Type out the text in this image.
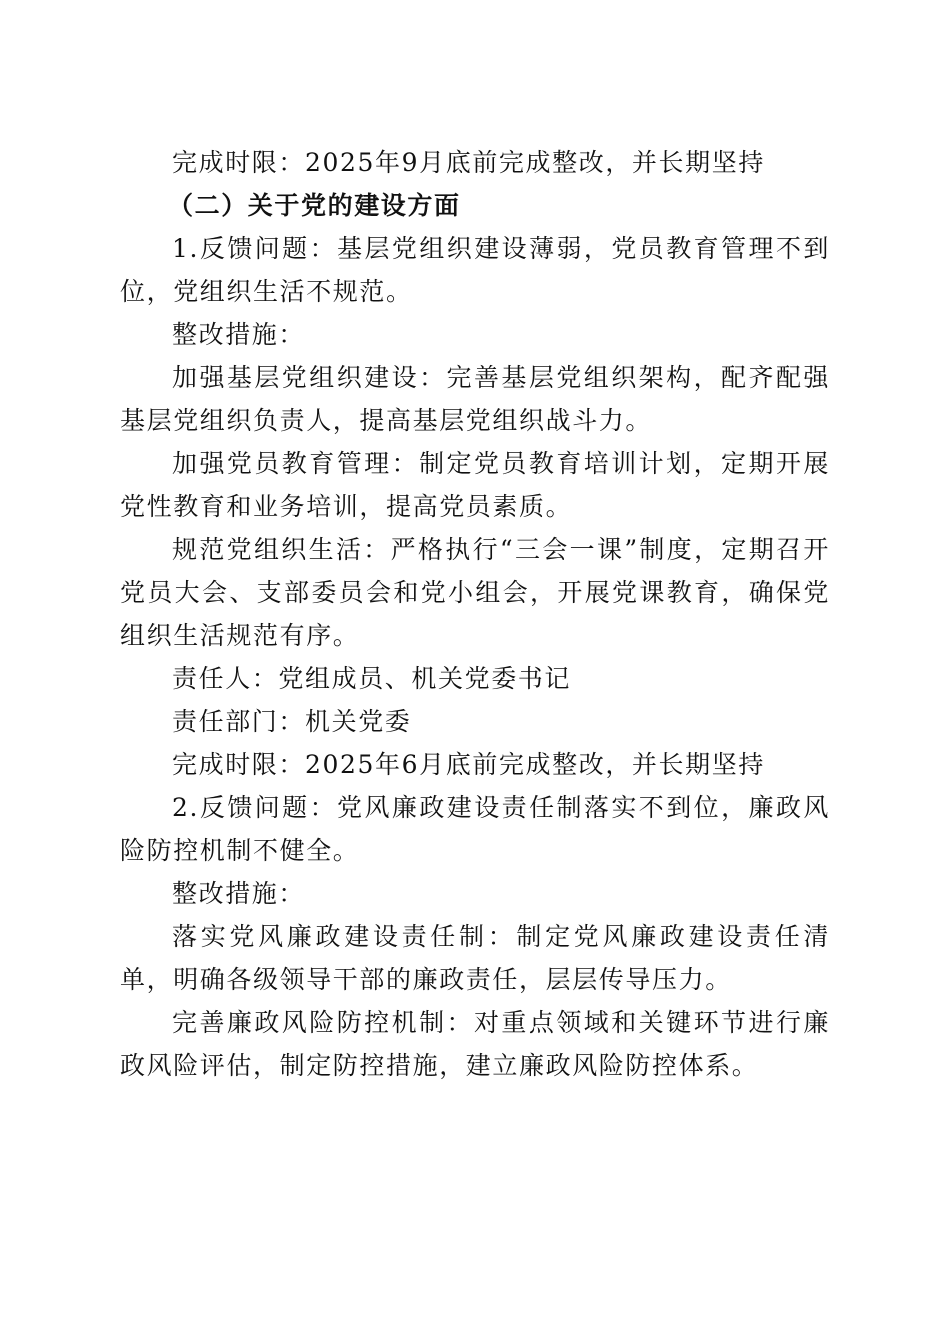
完成时限：2025年9月底前完成整改，并长期坚持

（二）关于党的建设方面

1.反馈问题：基层党组织建设薄弱，党员教育管理不到位，党组织生活不规范。

整改措施：

加强基层党组织建设：完善基层党组织架构，配齐配强基层党组织负责人，提高基层党组织战斗力。

加强党员教育管理：制定党员教育培训计划，定期开展党性教育和业务培训，提高党员素质。

规范党组织生活：严格执行“三会一课”制度，定期召开党员大会、支部委员会和党小组会，开展党课教育，确保党组织生活规范有序。

责任人：党组成员、机关党委书记

责任部门：机关党委

完成时限：2025年6月底前完成整改，并长期坚持

2.反馈问题：党风廉政建设责任制落实不到位，廉政风险防控机制不健全。

整改措施：

落实党风廉政建设责任制：制定党风廉政建设责任清单，明确各级领导干部的廉政责任，层层传导压力。

完善廉政风险防控机制：对重点领域和关键环节进行廉政风险评估，制定防控措施，建立廉政风险防控体系。
